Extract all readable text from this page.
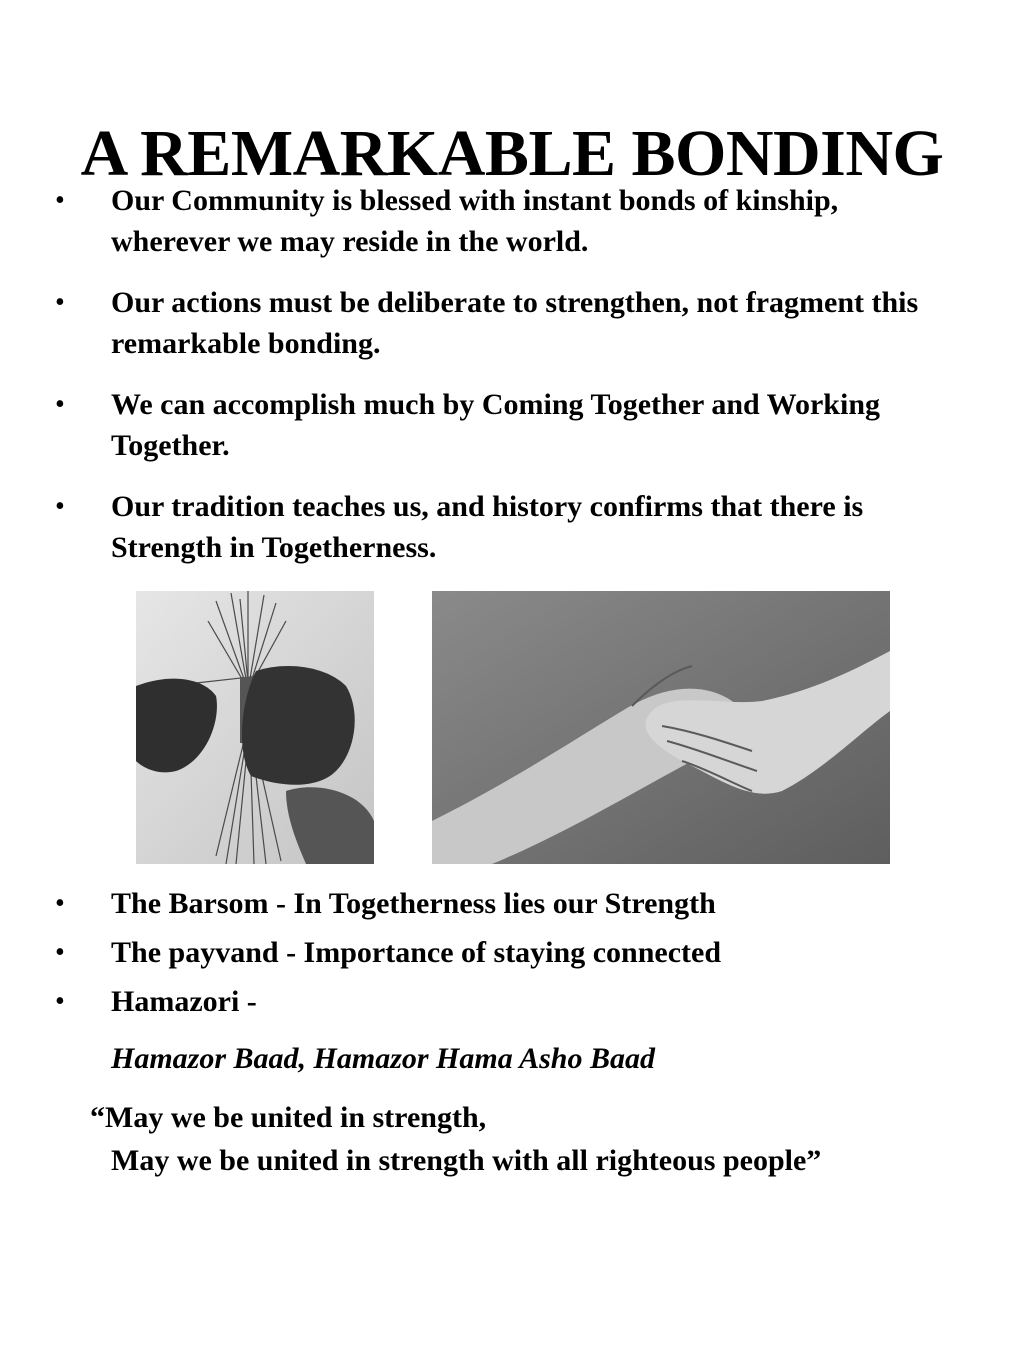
A REMARKABLE BONDING
• Our Community is blessed with instant bonds of kinship, wherever we may reside in the world.
• Our actions must be deliberate to strengthen, not fragment this remarkable bonding.
• We can accomplish much by Coming Together and Working Together.
• Our tradition teaches us, and history confirms that there is Strength in Togetherness.
• The Barsom - In Togetherness lies our Strength
• The payvand - Importance of staying connected
• Hamazori -
Hamazor Baad, Hamazor Hama Asho Baad
“May we be united in strength,
May we be united in strength with all righteous people”
